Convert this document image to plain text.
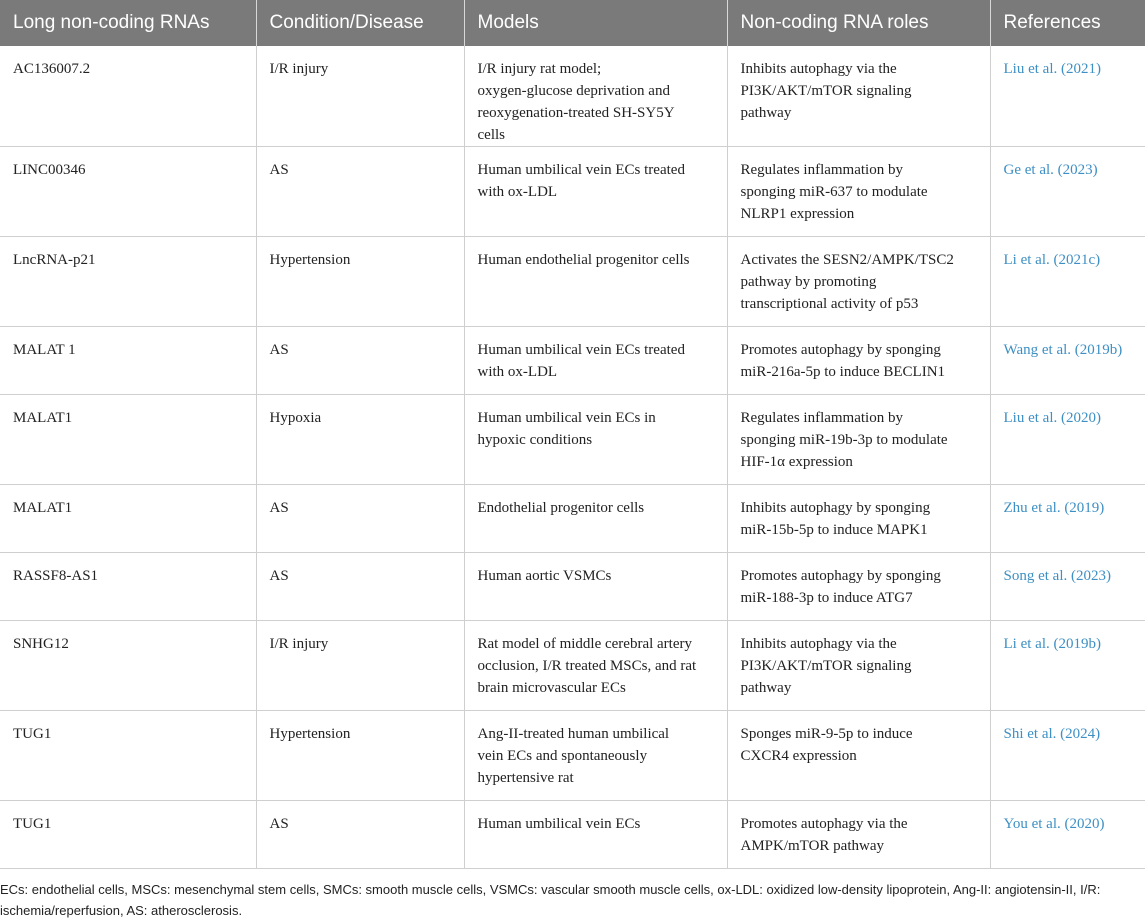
Long non-coding RNAs	Condition/Disease	Models	Non-coding RNA roles	References
AC136007.2	I/R injury	I/R injury rat model;
oxygen-glucose deprivation and
reoxygenation-treated SH-SY5Y
cells	Inhibits autophagy via the
PI3K/AKT/mTOR signaling
pathway	Liu et al. (2021)
LINC00346	AS	Human umbilical vein ECs treated
with ox-LDL	Regulates inflammation by
sponging miR-637 to modulate
NLRP1 expression	Ge et al. (2023)
LncRNA-p21	Hypertension	Human endothelial progenitor cells	Activates the SESN2/AMPK/TSC2
pathway by promoting
transcriptional activity of p53	Li et al. (2021c)
MALAT 1	AS	Human umbilical vein ECs treated
with ox-LDL	Promotes autophagy by sponging
miR-216a-5p to induce BECLIN1	Wang et al. (2019b)
MALAT1	Hypoxia	Human umbilical vein ECs in
hypoxic conditions	Regulates inflammation by
sponging miR-19b-3p to modulate
HIF-1α expression	Liu et al. (2020)
MALAT1	AS	Endothelial progenitor cells	Inhibits autophagy by sponging
miR-15b-5p to induce MAPK1	Zhu et al. (2019)
RASSF8-AS1	AS	Human aortic VSMCs	Promotes autophagy by sponging
miR-188-3p to induce ATG7	Song et al. (2023)
SNHG12	I/R injury	Rat model of middle cerebral artery
occlusion, I/R treated MSCs, and rat
brain microvascular ECs	Inhibits autophagy via the
PI3K/AKT/mTOR signaling
pathway	Li et al. (2019b)
TUG1	Hypertension	Ang-II-treated human umbilical
vein ECs and spontaneously
hypertensive rat	Sponges miR-9-5p to induce
CXCR4 expression	Shi et al. (2024)
TUG1	AS	Human umbilical vein ECs	Promotes autophagy via the
AMPK/mTOR pathway	You et al. (2020)
ECs: endothelial cells, MSCs: mesenchymal stem cells, SMCs: smooth muscle cells, VSMCs: vascular smooth muscle cells, ox-LDL: oxidized low-density lipoprotein, Ang-II: angiotensin-II, I/R:
ischemia/reperfusion, AS: atherosclerosis.
